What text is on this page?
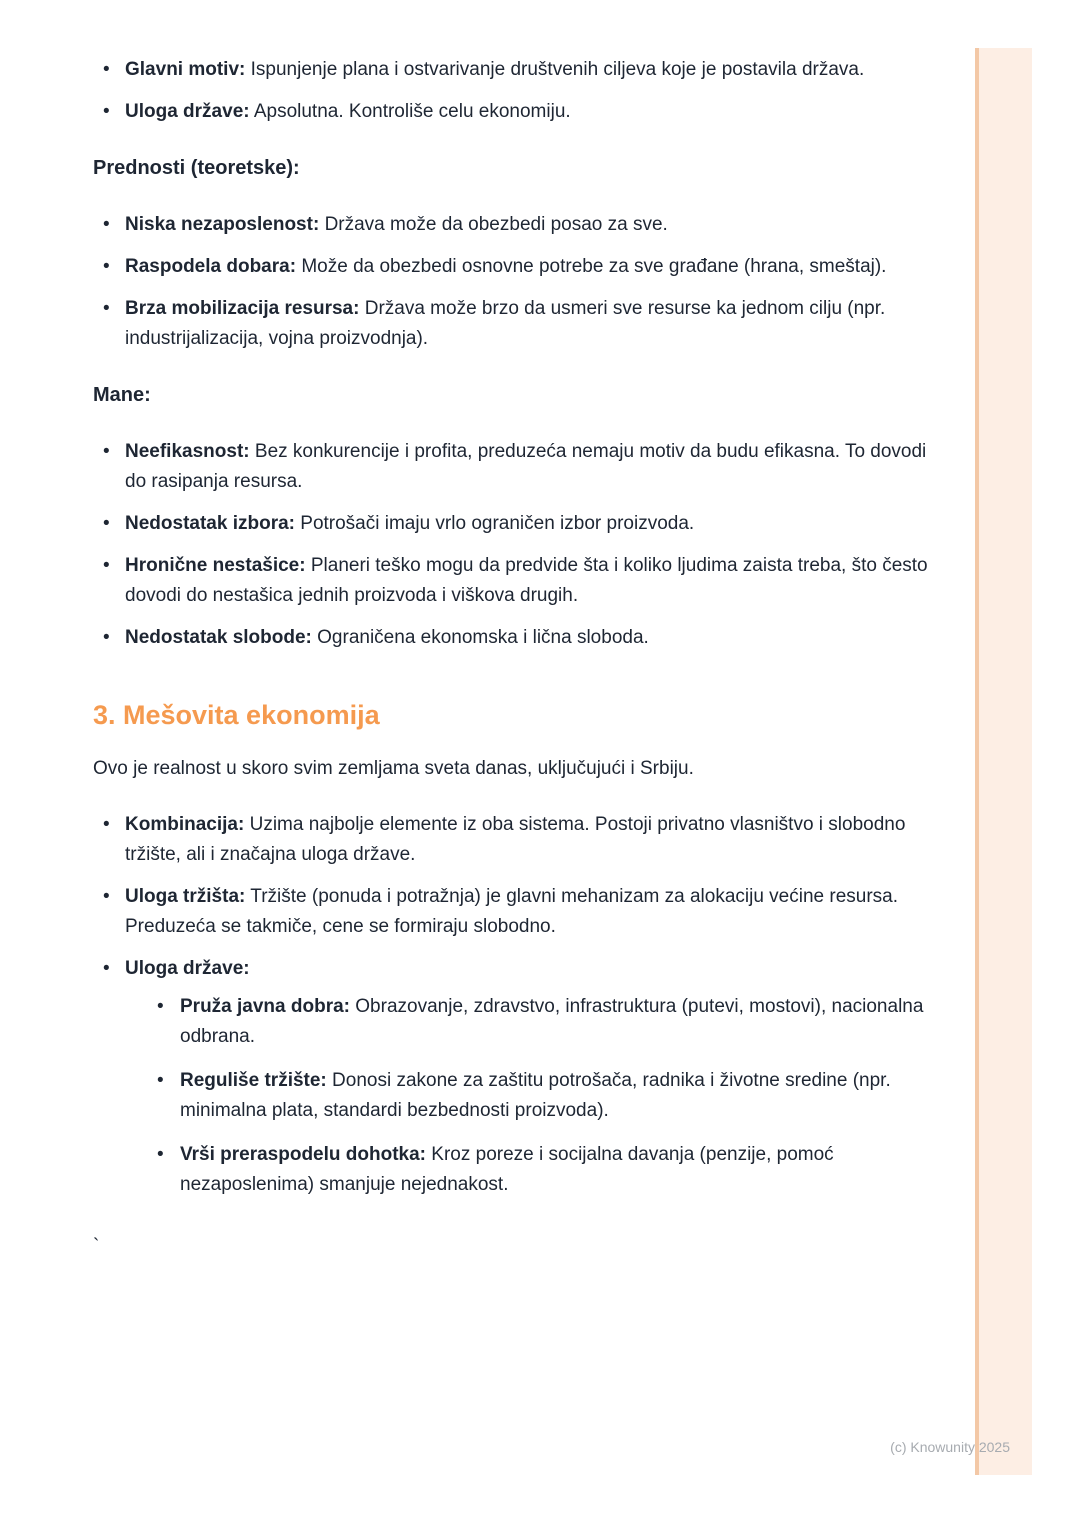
• Glavni motiv: Ispunjenje plana i ostvarivanje društvenih ciljeva koje je postavila država.
• Uloga države: Apsolutna. Kontroliše celu ekonomiju.

Prednosti (teoretske):

• Niska nezaposlenost: Država može da obezbedi posao za sve.
• Raspodela dobara: Može da obezbedi osnovne potrebe za sve građane (hrana, smeštaj).
• Brza mobilizacija resursa: Država može brzo da usmeri sve resurse ka jednom cilju (npr. industrijalizacija, vojna proizvodnja).

Mane:

• Neefikasnost: Bez konkurencije i profita, preduzeća nemaju motiv da budu efikasna. To dovodi do rasipanja resursa.
• Nedostatak izbora: Potrošači imaju vrlo ograničen izbor proizvoda.
• Hronične nestašice: Planeri teško mogu da predvide šta i koliko ljudima zaista treba, što često dovodi do nestašica jednih proizvoda i viškova drugih.
• Nedostatak slobode: Ograničena ekonomska i lična sloboda.
3. Mešovita ekonomija

Ovo je realnost u skoro svim zemljama sveta danas, uključujući i Srbiju.

• Kombinacija: Uzima najbolje elemente iz oba sistema. Postoji privatno vlasništvo i slobodno tržište, ali i značajna uloga države.
• Uloga tržišta: Tržište (ponuda i potražnja) je glavni mehanizam za alokaciju većine resursa. Preduzeća se takmiče, cene se formiraju slobodno.
• Uloga države:
• Pruža javna dobra: Obrazovanje, zdravstvo, infrastruktura (putevi, mostovi), nacionalna odbrana.
• Reguliše tržište: Donosi zakone za zaštitu potrošača, radnika i životne sredine (npr. minimalna plata, standardi bezbednosti proizvoda).
• Vrši preraspodelu dohotka: Kroz poreze i socijalna davanja (penzije, pomoć nezaposlenima) smanjuje nejednakost.

`

(c) Knowunity 2025
